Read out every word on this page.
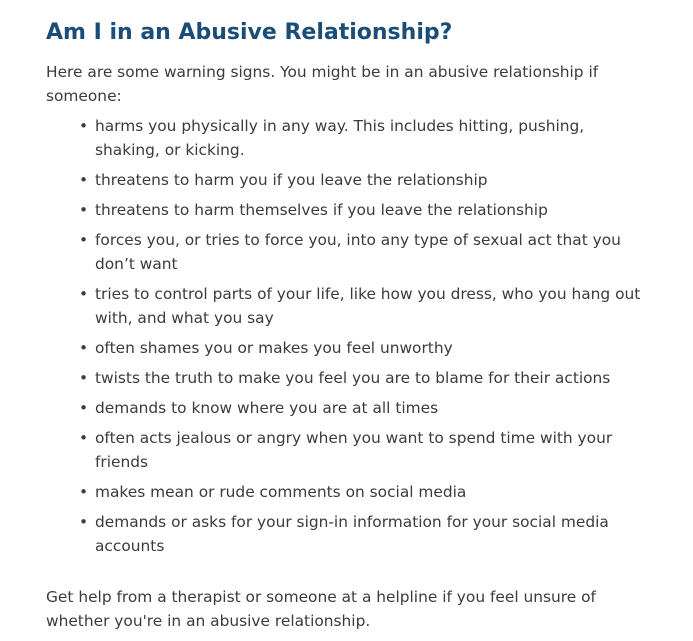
Am I in an Abusive Relationship?

Here are some warning signs. You might be in an abusive relationship if someone:

• harms you physically in any way. This includes hitting, pushing, shaking, or kicking.
• threatens to harm you if you leave the relationship
• threatens to harm themselves if you leave the relationship
• forces you, or tries to force you, into any type of sexual act that you don’t want
• tries to control parts of your life, like how you dress, who you hang out with, and what you say
• often shames you or makes you feel unworthy
• twists the truth to make you feel you are to blame for their actions
• demands to know where you are at all times
• often acts jealous or angry when you want to spend time with your friends
• makes mean or rude comments on social media
• demands or asks for your sign-in information for your social media accounts

Get help from a therapist or someone at a helpline if you feel unsure of whether you're in an abusive relationship.
